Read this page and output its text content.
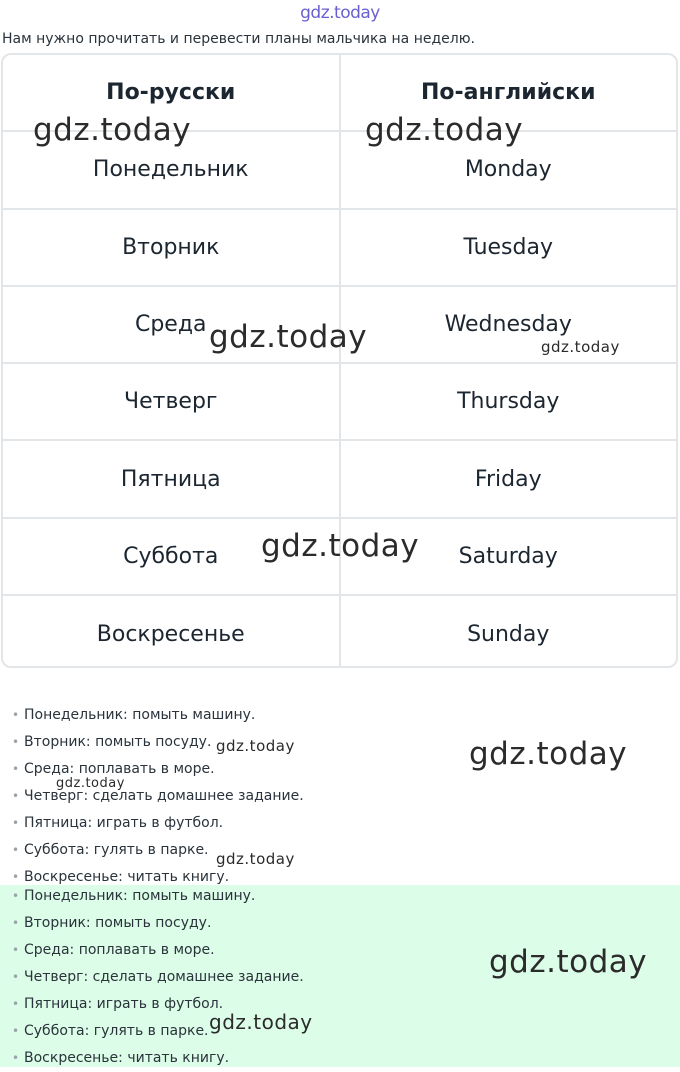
gdz.today
Нам нужно прочитать и перевести планы мальчика на неделю.
По-русски	По-английски
Понедельник	Monday
Вторник	Tuesday
Среда	Wednesday
Четверг	Thursday
Пятница	Friday
Суббота	Saturday
Воскресенье	Sunday
• Понедельник: помыть машину.
• Вторник: помыть посуду.
• Среда: поплавать в море.
• Четверг: сделать домашнее задание.
• Пятница: играть в футбол.
• Суббота: гулять в парке.
• Воскресенье: читать книгу.
• Понедельник: помыть машину.
• Вторник: помыть посуду.
• Среда: поплавать в море.
• Четверг: сделать домашнее задание.
• Пятница: играть в футбол.
• Суббота: гулять в парке.
• Воскресенье: читать книгу.
gdz.today	gdz.today
gdz.today	gdz.today
gdz.today
gdz.today	gdz.today
gdz.today
gdz.today
gdz.today
gdz.today
